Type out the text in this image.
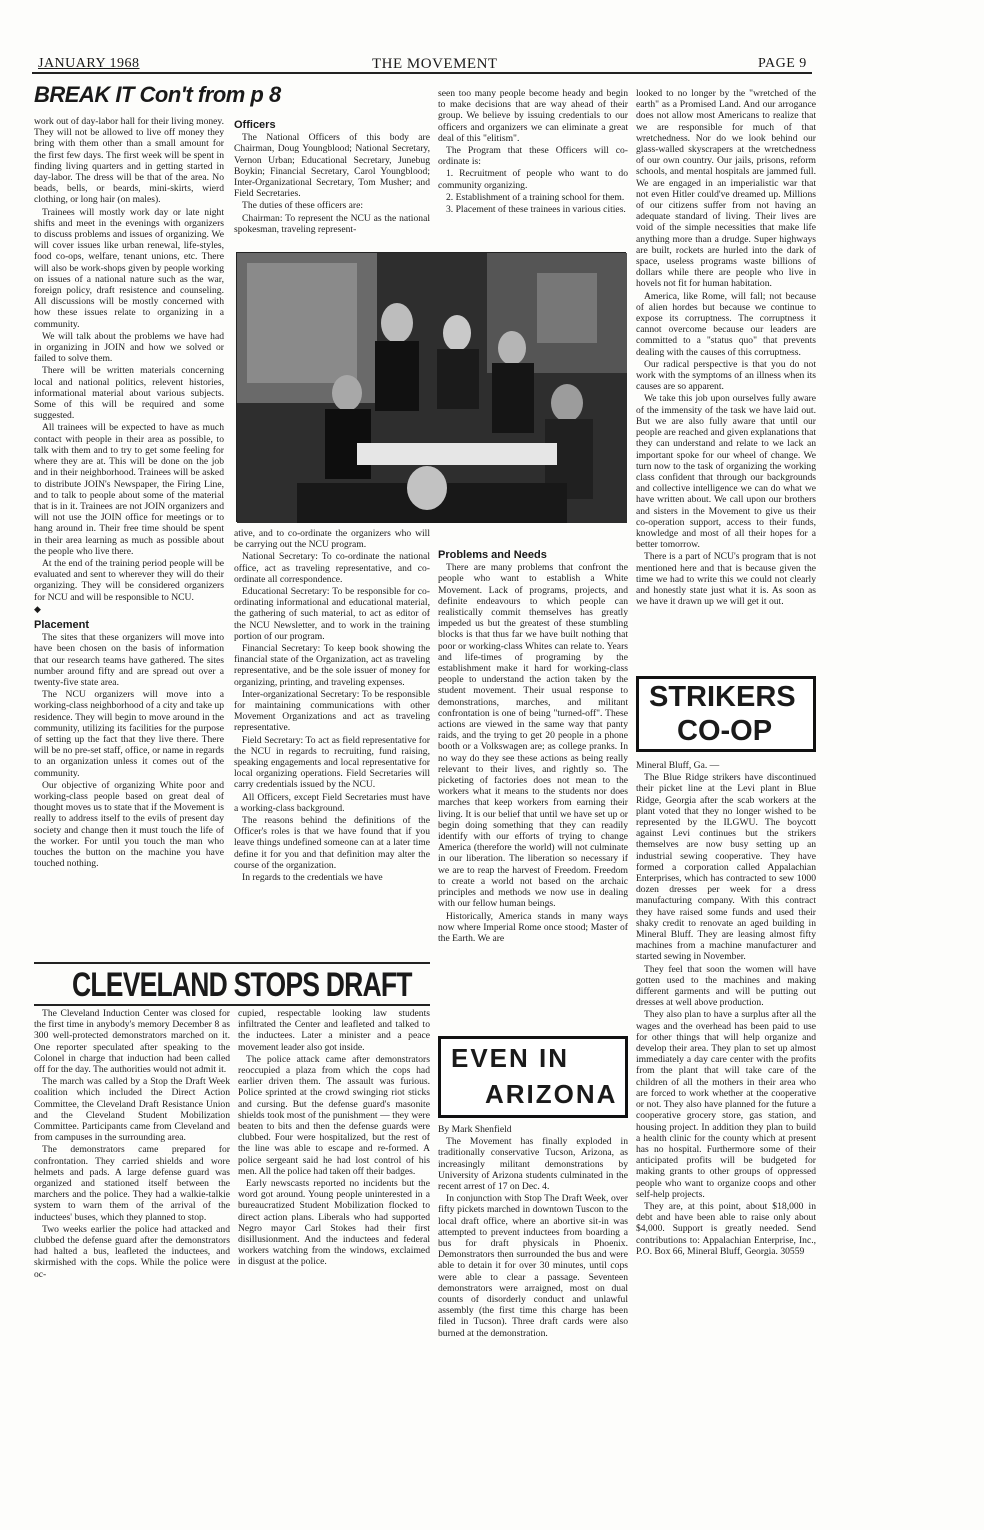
JANUARY 1968	THE MOVEMENT	PAGE 9
BREAK IT Con't from p 8

work out of day-labor hall for their living money. They will not be allowed to live off money they bring with them other than a small amount for the first few days. The first week will be spent in finding living quarters and in getting started in day-labor. The dress will be that of the area. No beads, bells, or beards, mini-skirts, wierd clothing, or long hair (on males).

Trainees will mostly work day or late night shifts and meet in the evenings with organizers to discuss problems and issues of organizing. We will cover issues like urban renewal, life-styles, food co-ops, welfare, tenant unions, etc. There will also be work-shops given by people working on issues of a national nature such as the war, foreign policy, draft resistence and counseling. All discussions will be mostly concerned with how these issues relate to organizing in a community.

We will talk about the problems we have had in organizing in JOIN and how we solved or failed to solve them.

There will be written materials concerning local and national politics, relevent histories, informational material about various subjects. Some of this will be required and some suggested.

All trainees will be expected to have as much contact with people in their area as possible, to talk with them and to try to get some feeling for where they are at. This will be done on the job and in their neighborhood. Trainees will be asked to distribute JOIN's Newspaper, the Firing Line, and to talk to people about some of the material that is in it. Trainees are not JOIN organizers and will not use the JOIN office for meetings or to hang around in. Their free time should be spent in their area learning as much as possible about the people who live there.

At the end of the training period people will be evaluated and sent to wherever they will do their organizing. They will be considered organizers for NCU and will be responsible to NCU.

◆

Placement

The sites that these organizers will move into have been chosen on the basis of information that our research teams have gathered. The sites number around fifty and are spread out over a twenty-five state area.

The NCU organizers will move into a working-class neighborhood of a city and take up residence. They will begin to move around in the community, utilizing its facilities for the purpose of setting up the fact that they live there. There will be no pre-set staff, office, or name in regards to an organization unless it comes out of the community.

Our objective of organizing White poor and working-class people based on great deal of thought moves us to state that if the Movement is really to address itself to the evils of present day society and change then it must touch the life of the worker. For until you touch the man who touches the button on the machine you have touched nothing.

Officers

The National Officers of this body are Chairman, Doug Youngblood; National Secretary, Vernon Urban; Educational Secretary, Junebug Boykin; Financial Secretary, Carol Youngblood; Inter-Organizational Secretary, Tom Musher; and Field Secretaries.

The duties of these officers are:

Chairman: To represent the NCU as the national spokesman, traveling represent-

seen too many people become heady and begin to make decisions that are way ahead of their group. We believe by issuing credentials to our officers and organizers we can eliminate a great deal of this "elitism".

The Program that these Officers will co-ordinate is:

1. Recruitment of people who want to do community organizing.

2. Establishment of a training school for them.

3. Placement of these trainees in various cities.

ative, and to co-ordinate the organizers who will be carrying out the NCU program.

National Secretary: To co-ordinate the national office, act as traveling representative, and co-ordinate all correspondence.

Educational Secretary: To be responsible for co-ordinating informational and educational material, the gathering of such material, to act as editor of the NCU Newsletter, and to work in the training portion of our program.

Financial Secretary: To keep book showing the financial state of the Organization, act as traveling representative, and be the sole issuer of money for organizing, printing, and traveling expenses.

Inter-organizational Secretary: To be responsible for maintaining communications with other Movement Organizations and act as traveling representative.

Field Secretary: To act as field representative for the NCU in regards to recruiting, fund raising, speaking engagements and local representative for local organizing operations. Field Secretaries will carry credentials issued by the NCU.

All Officers, except Field Secretaries must have a working-class background.

The reasons behind the definitions of the Officer's roles is that we have found that if you leave things undefined someone can at a later time define it for you and that definition may alter the course of the organization.

In regards to the credentials we have

Problems and Needs

There are many problems that confront the people who want to establish a White Movement. Lack of programs, projects, and definite endeavours to which people can realistically commit themselves has greatly impeded us but the greatest of these stumbling blocks is that thus far we have built nothing that poor or working-class Whites can relate to. Years and life-times of programing by the establishment make it hard for working-class people to understand the action taken by the student movement. Their usual response to demonstrations, marches, and militant confrontation is one of being "turned-off". These actions are viewed in the same way that panty raids, and the trying to get 20 people in a phone booth or a Volkswagen are; as college pranks. In no way do they see these actions as being really relevant to their lives, and rightly so. The picketing of factories does not mean to the workers what it means to the students nor does marches that keep workers from earning their living. It is our belief that until we have set up or begin doing something that they can readily identify with our efforts of trying to change America (therefore the world) will not culminate in our liberation. The liberation so necessary if we are to reap the harvest of Freedom. Freedom to create a world not based on the archaic principles and methods we now use in dealing with our fellow human beings.

Historically, America stands in many ways now where Imperial Rome once stood; Master of the Earth. We are

looked to no longer by the "wretched of the earth" as a Promised Land. And our arrogance does not allow most Americans to realize that we are responsible for much of that wretchedness. Nor do we look behind our glass-walled skyscrapers at the wretchedness of our own country. Our jails, prisons, reform schools, and mental hospitals are jammed full. We are engaged in an imperialistic war that not even Hitler could've dreamed up. Millions of our citizens suffer from not having an adequate standard of living. Their lives are void of the simple necessities that make life anything more than a drudge. Super highways are built, rockets are hurled into the dark of space, useless programs waste billions of dollars while there are people who live in hovels not fit for human habitation.

America, like Rome, will fall; not because of alien hordes but because we continue to expose its corruptness. The corruptness it cannot overcome because our leaders are committed to a "status quo" that prevents dealing with the causes of this corruptness.

Our radical perspective is that you do not work with the symptoms of an illness when its causes are so apparent.

We take this job upon ourselves fully aware of the immensity of the task we have laid out. But we are also fully aware that until our people are reached and given explanations that they can understand and relate to we lack an important spoke for our wheel of change. We turn now to the task of organizing the working class confident that through our backgrounds and collective intelligence we can do what we have written about. We call upon our brothers and sisters in the Movement to give us their co-operation support, access to their funds, knowledge and most of all their hopes for a better tomorrow.

There is a part of NCU's program that is not mentioned here and that is because given the time we had to write this we could not clearly and honestly state just what it is. As soon as we have it drawn up we will get it out.

STRIKERS
CO-OP

Mineral Bluff, Ga. —

The Blue Ridge strikers have discontinued their picket line at the Levi plant in Blue Ridge, Georgia after the scab workers at the plant voted that they no longer wished to be represented by the ILGWU. The boycott against Levi continues but the strikers themselves are now busy setting up an industrial sewing cooperative. They have formed a corporation called Appalachian Enterprises, which has contracted to sew 1000 dozen dresses per week for a dress manufacturing company. With this contract they have raised some funds and used their shaky credit to renovate an aged building in Mineral Bluff. They are leasing almost fifty machines from a machine manufacturer and started sewing in November.

They feel that soon the women will have gotten used to the machines and making different garments and will be putting out dresses at well above production.

They also plan to have a surplus after all the wages and the overhead has been paid to use for other things that will help organize and develop their area. They plan to set up almost immediately a day care center with the profits from the plant that will take care of the children of all the mothers in their area who are forced to work whether at the cooperative or not. They also have planned for the future a cooperative grocery store, gas station, and housing project. In addition they plan to build a health clinic for the county which at present has no hospital. Furthermore some of their anticipated profits will be budgeted for making grants to other groups of oppressed people who want to organize coops and other self-help projects.

They are, at this point, about $18,000 in debt and have been able to raise only about $4,000. Support is greatly needed. Send contributions to: Appalachian Enterprise, Inc., P.O. Box 66, Mineral Bluff, Georgia. 30559

CLEVELAND STOPS DRAFT

The Cleveland Induction Center was closed for the first time in anybody's memory December 8 as 300 well-protected demonstrators marched on it. One reporter speculated after speaking to the Colonel in charge that induction had been called off for the day. The authorities would not admit it.

The march was called by a Stop the Draft Week coalition which included the Direct Action Committee, the Cleveland Draft Resistance Union and the Cleveland Student Mobilization Committee. Participants came from Cleveland and from campuses in the surrounding area.

The demonstrators came prepared for confrontation. They carried shields and wore helmets and pads. A large defense guard was organized and stationed itself between the marchers and the police. They had a walkie-talkie system to warn them of the arrival of the inductees' buses, which they planned to stop.

Two weeks earlier the police had attacked and clubbed the defense guard after the demonstrators had halted a bus, leafleted the inductees, and skirmished with the cops. While the police were oc-

cupied, respectable looking law students infiltrated the Center and leafleted and talked to the inductees. Later a minister and a peace movement leader also got inside.

The police attack came after demonstrators reoccupied a plaza from which the cops had earlier driven them. The assault was furious. Police sprinted at the crowd swinging riot sticks and cursing. But the defense guard's masonite shields took most of the punishment — they were beaten to bits and then the defense guards were clubbed. Four were hospitalized, but the rest of the line was able to escape and re-formed. A police sergeant said he had lost control of his men. All the police had taken off their badges.

Early newscasts reported no incidents but the word got around. Young people uninterested in a bureaucratized Student Mobilization flocked to direct action plans. Liberals who had supported Negro mayor Carl Stokes had their first disillusionment. And the inductees and federal workers watching from the windows, exclaimed in disgust at the police.

EVEN IN
ARIZONA

By Mark Shenfield

The Movement has finally exploded in traditionally conservative Tucson, Arizona, as increasingly militant demonstrations by University of Arizona students culminated in the recent arrest of 17 on Dec. 4.

In conjunction with Stop The Draft Week, over fifty pickets marched in downtown Tuscon to the local draft office, where an abortive sit-in was attempted to prevent inductees from boarding a bus for draft physicals in Phoenix. Demonstrators then surrounded the bus and were able to detain it for over 30 minutes, until cops were able to clear a passage. Seventeen demonstrators were arraigned, most on dual counts of disorderly conduct and unlawful assembly (the first time this charge has been filed in Tucson). Three draft cards were also burned at the demonstration.
